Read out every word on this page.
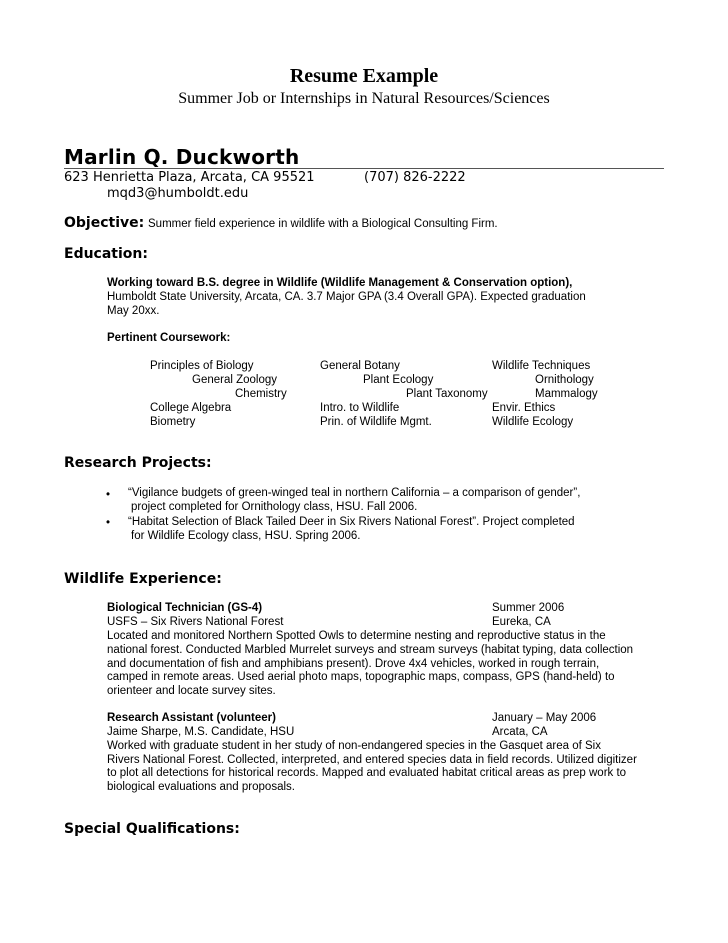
Resume Example
Summer Job or Internships in Natural Resources/Sciences
Marlin Q. Duckworth
623 Henrietta Plaza, Arcata, CA 95521	(707) 826-2222
mqd3@humboldt.edu
Objective: Summer field experience in wildlife with a Biological Consulting Firm.
Education:
Working toward B.S. degree in Wildlife (Wildlife Management & Conservation option),
Humboldt State University, Arcata, CA. 3.7 Major GPA (3.4 Overall GPA). Expected graduation
May 20xx.
Pertinent Coursework:
Principles of Biology	General Botany	Wildlife Techniques
General Zoology	Plant Ecology	Ornithology
Chemistry	Plant Taxonomy	Mammalogy
College Algebra	Intro. to Wildlife	Envir. Ethics
Biometry	Prin. of Wildlife Mgmt.	Wildlife Ecology
Research Projects:
• “Vigilance budgets of green-winged teal in northern California – a comparison of gender”,
project completed for Ornithology class, HSU. Fall 2006.
• “Habitat Selection of Black Tailed Deer in Six Rivers National Forest”. Project completed
for Wildlife Ecology class, HSU. Spring 2006.
Wildlife Experience:
Biological Technician (GS-4)	Summer 2006
USFS – Six Rivers National Forest	Eureka, CA
Located and monitored Northern Spotted Owls to determine nesting and reproductive status in the
national forest. Conducted Marbled Murrelet surveys and stream surveys (habitat typing, data collection
and documentation of fish and amphibians present). Drove 4x4 vehicles, worked in rough terrain,
camped in remote areas. Used aerial photo maps, topographic maps, compass, GPS (hand-held) to
orienteer and locate survey sites.
Research Assistant (volunteer)	January – May 2006
Jaime Sharpe, M.S. Candidate, HSU	Arcata, CA
Worked with graduate student in her study of non-endangered species in the Gasquet area of Six
Rivers National Forest. Collected, interpreted, and entered species data in field records. Utilized digitizer
to plot all detections for historical records. Mapped and evaluated habitat critical areas as prep work to
biological evaluations and proposals.
Special Qualifications:
